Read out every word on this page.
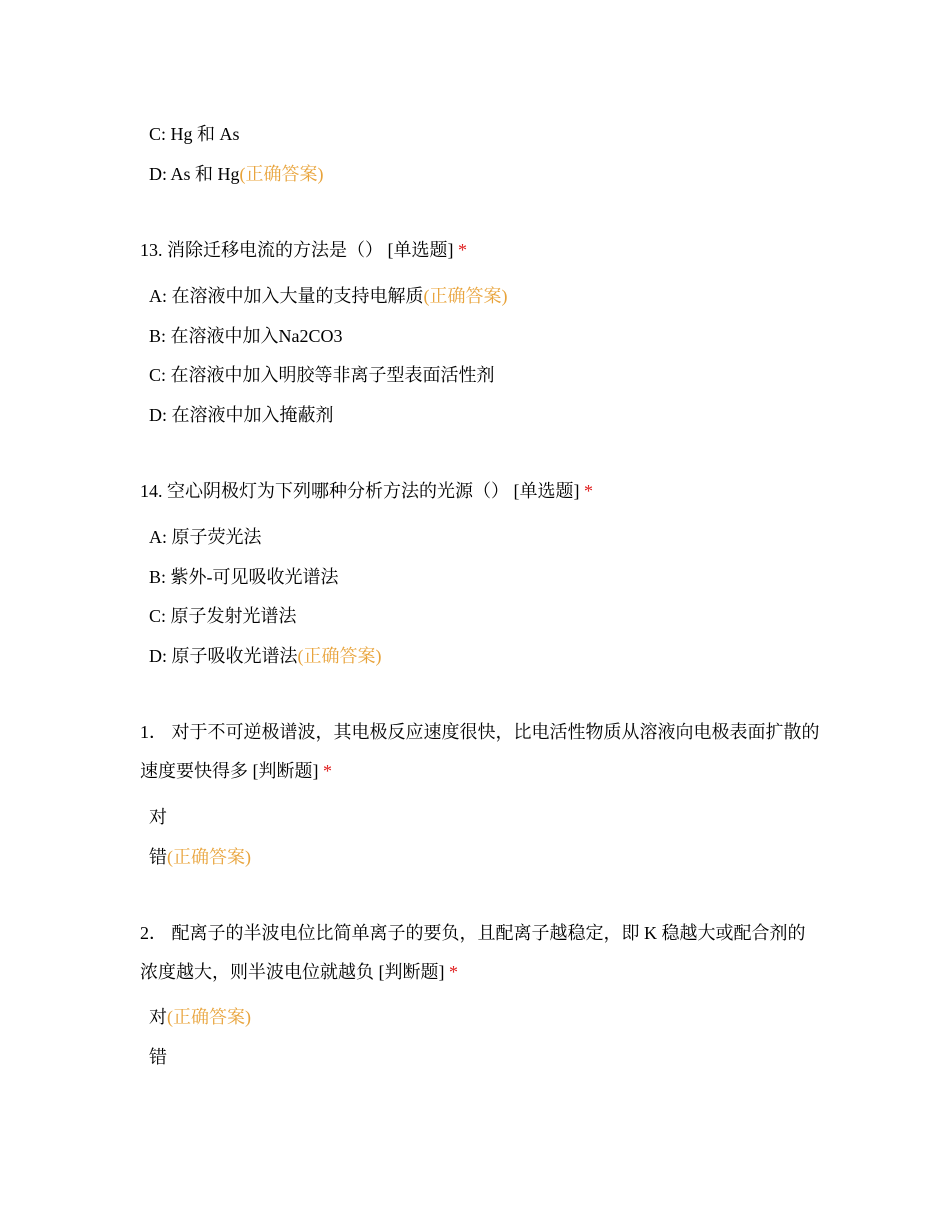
C: Hg 和 As
D: As 和 Hg(正确答案)
13. 消除迁移电流的方法是（） [单选题] *
A: 在溶液中加入大量的支持电解质(正确答案)
B: 在溶液中加入Na2CO3
C: 在溶液中加入明胶等非离子型表面活性剂
D: 在溶液中加入掩蔽剂
14. 空心阴极灯为下列哪种分析方法的光源（） [单选题] *
A: 原子荧光法
B: 紫外-可见吸收光谱法
C: 原子发射光谱法
D: 原子吸收光谱法(正确答案)
1． 对于不可逆极谱波，其电极反应速度很快，比电活性物质从溶液向电极表面扩散的速度要快得多 [判断题] *
对
错(正确答案)
2． 配离子的半波电位比简单离子的要负，且配离子越稳定，即 K 稳越大或配合剂的浓度越大，则半波电位就越负 [判断题] *
对(正确答案)
错
